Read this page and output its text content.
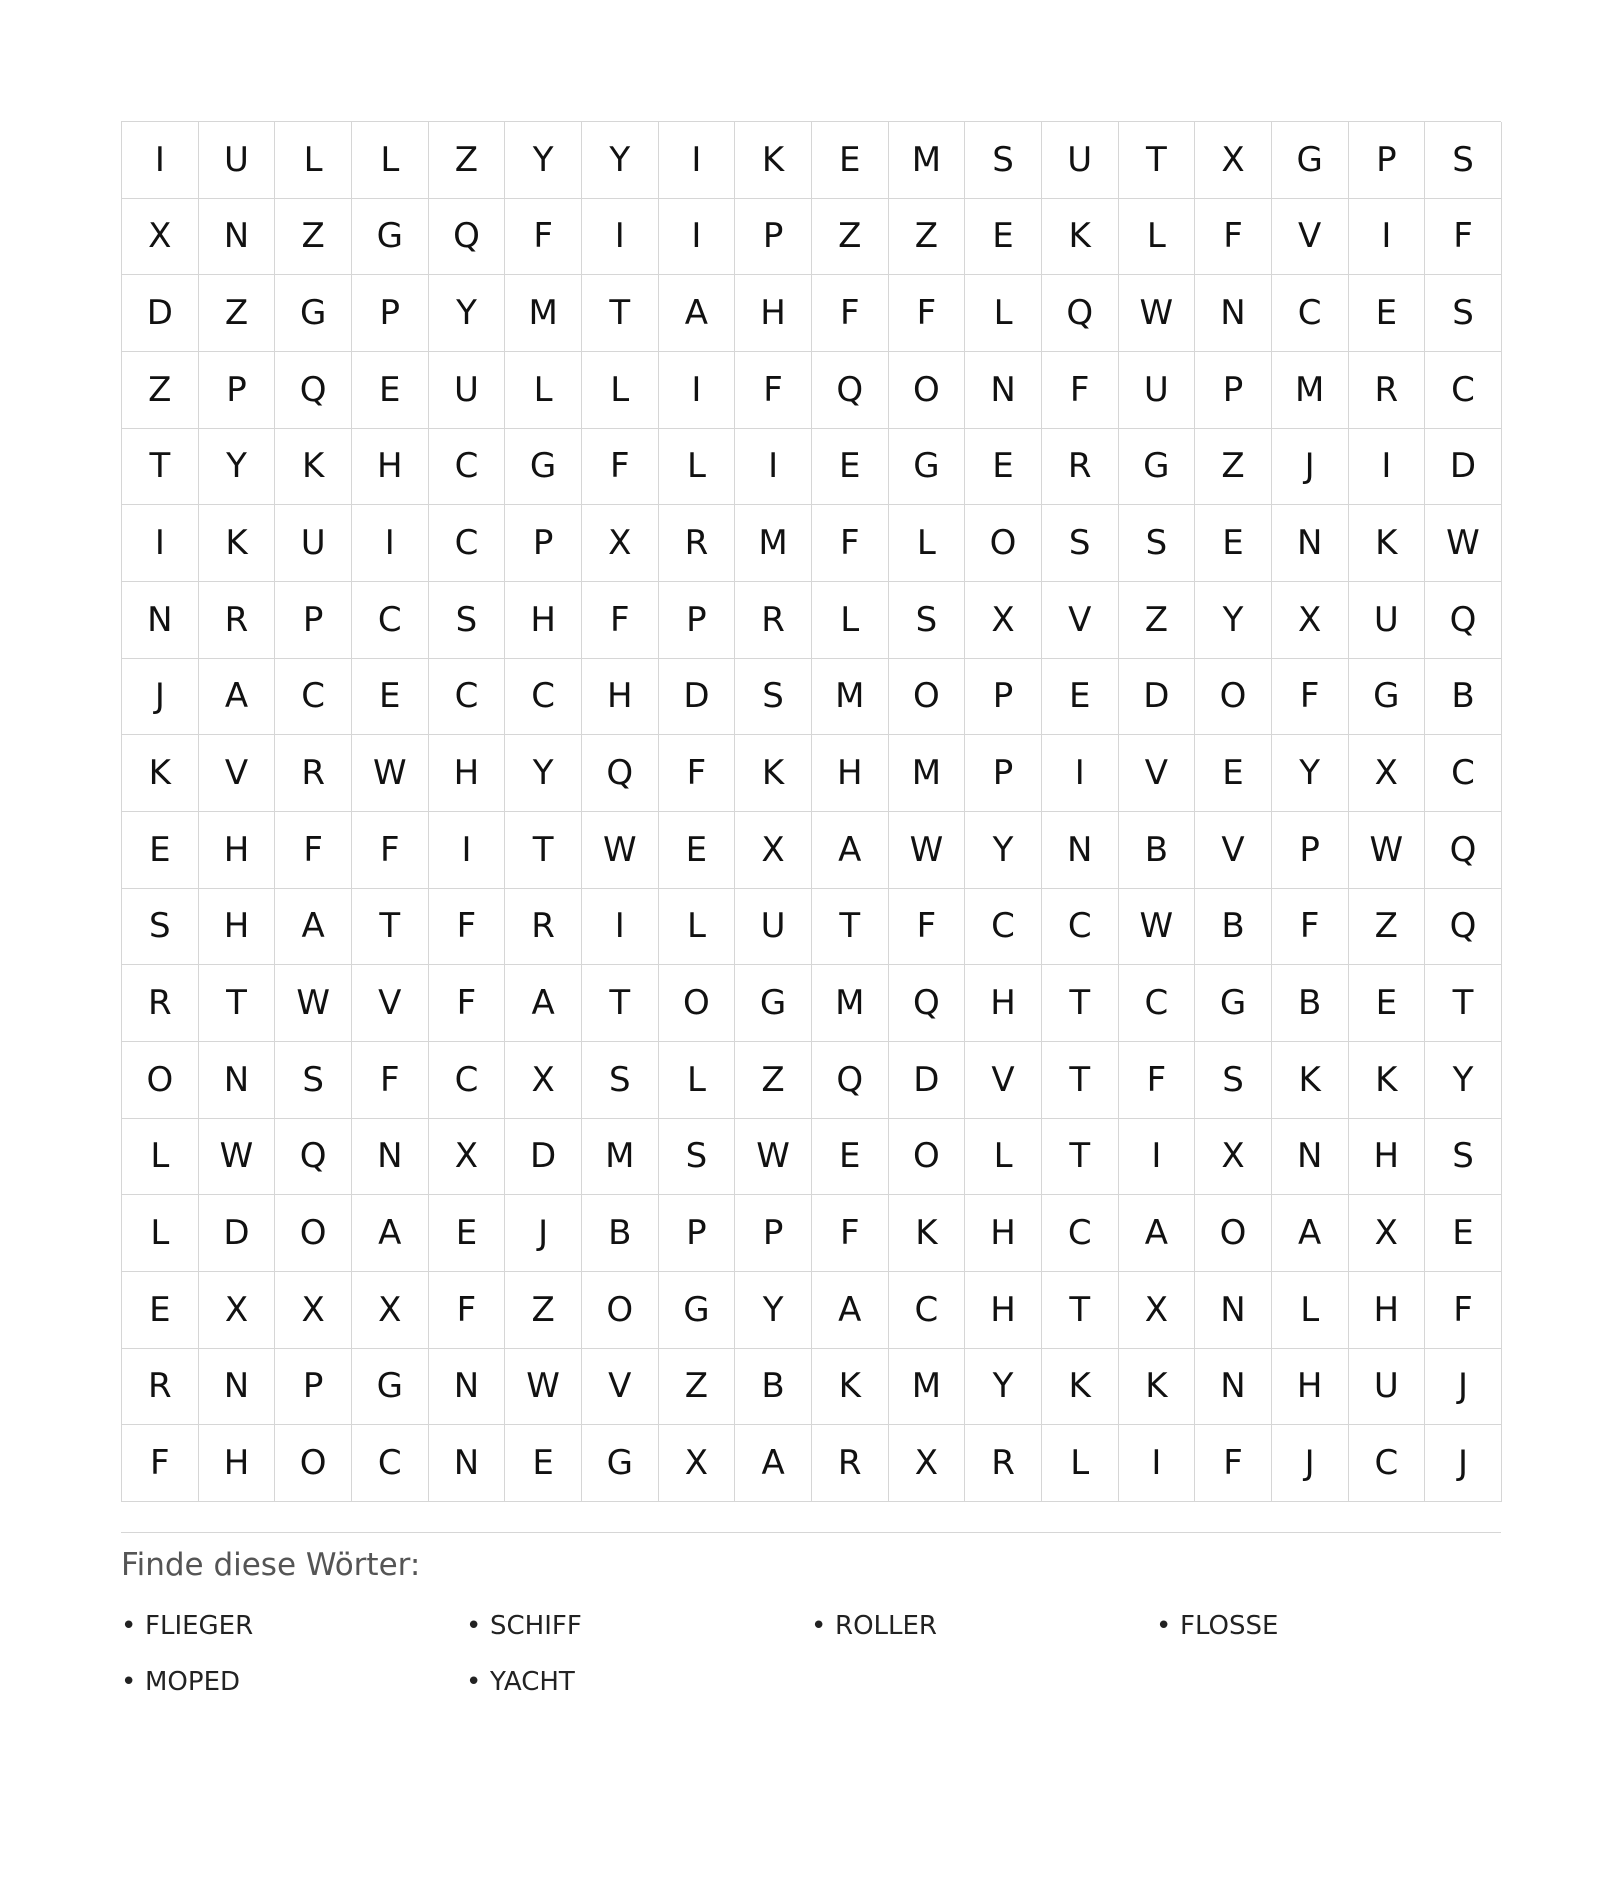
I	U	L	L	Z	Y	Y	I	K	E	M	S	U	T	X	G	P	S
X	N	Z	G	Q	F	I	I	P	Z	Z	E	K	L	F	V	I	F
D	Z	G	P	Y	M	T	A	H	F	F	L	Q	W	N	C	E	S
Z	P	Q	E	U	L	L	I	F	Q	O	N	F	U	P	M	R	C
T	Y	K	H	C	G	F	L	I	E	G	E	R	G	Z	J	I	D
I	K	U	I	C	P	X	R	M	F	L	O	S	S	E	N	K	W
N	R	P	C	S	H	F	P	R	L	S	X	V	Z	Y	X	U	Q
J	A	C	E	C	C	H	D	S	M	O	P	E	D	O	F	G	B
K	V	R	W	H	Y	Q	F	K	H	M	P	I	V	E	Y	X	C
E	H	F	F	I	T	W	E	X	A	W	Y	N	B	V	P	W	Q
S	H	A	T	F	R	I	L	U	T	F	C	C	W	B	F	Z	Q
R	T	W	V	F	A	T	O	G	M	Q	H	T	C	G	B	E	T
O	N	S	F	C	X	S	L	Z	Q	D	V	T	F	S	K	K	Y
L	W	Q	N	X	D	M	S	W	E	O	L	T	I	X	N	H	S
L	D	O	A	E	J	B	P	P	F	K	H	C	A	O	A	X	E
E	X	X	X	F	Z	O	G	Y	A	C	H	T	X	N	L	H	F
R	N	P	G	N	W	V	Z	B	K	M	Y	K	K	N	H	U	J
F	H	O	C	N	E	G	X	A	R	X	R	L	I	F	J	C	J
Finde diese Wörter:
• FLIEGER	• SCHIFF	• ROLLER	• FLOSSE
• MOPED	• YACHT
